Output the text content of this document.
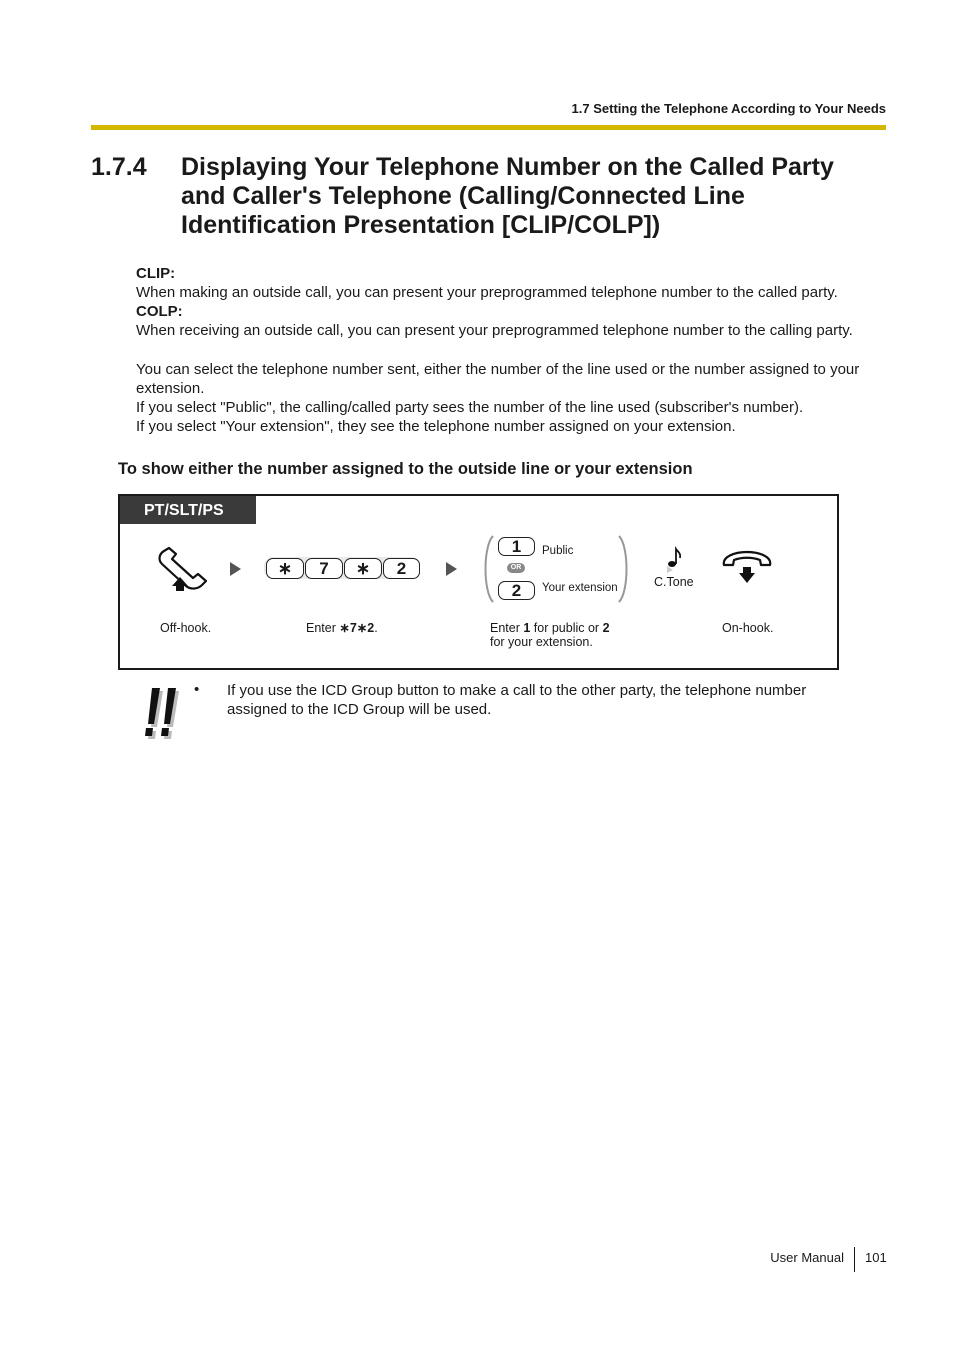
1.7 Setting the Telephone According to Your Needs
1.7.4 Displaying Your Telephone Number on the Called Party and Caller's Telephone (Calling/Connected Line Identification Presentation [CLIP/COLP])
CLIP:
When making an outside call, you can present your preprogrammed telephone number to the called party.
COLP:
When receiving an outside call, you can present your preprogrammed telephone number to the calling party.
You can select the telephone number sent, either the number of the line used or the number assigned to your extension.
If you select "Public", the calling/called party sees the number of the line used (subscriber's number).
If you select "Your extension", they see the telephone number assigned on your extension.
To show either the number assigned to the outside line or your extension
PT/SLT/PS
∗	7	∗	2
1	Public
OR
2	Your extension	C.Tone
Off-hook.	Enter ∗7∗2.	Enter 1 for public or 2
for your extension.
On-hook.
• If you use the ICD Group button to make a call to the other party, the telephone number assigned to the ICD Group will be used.
User Manual 101
